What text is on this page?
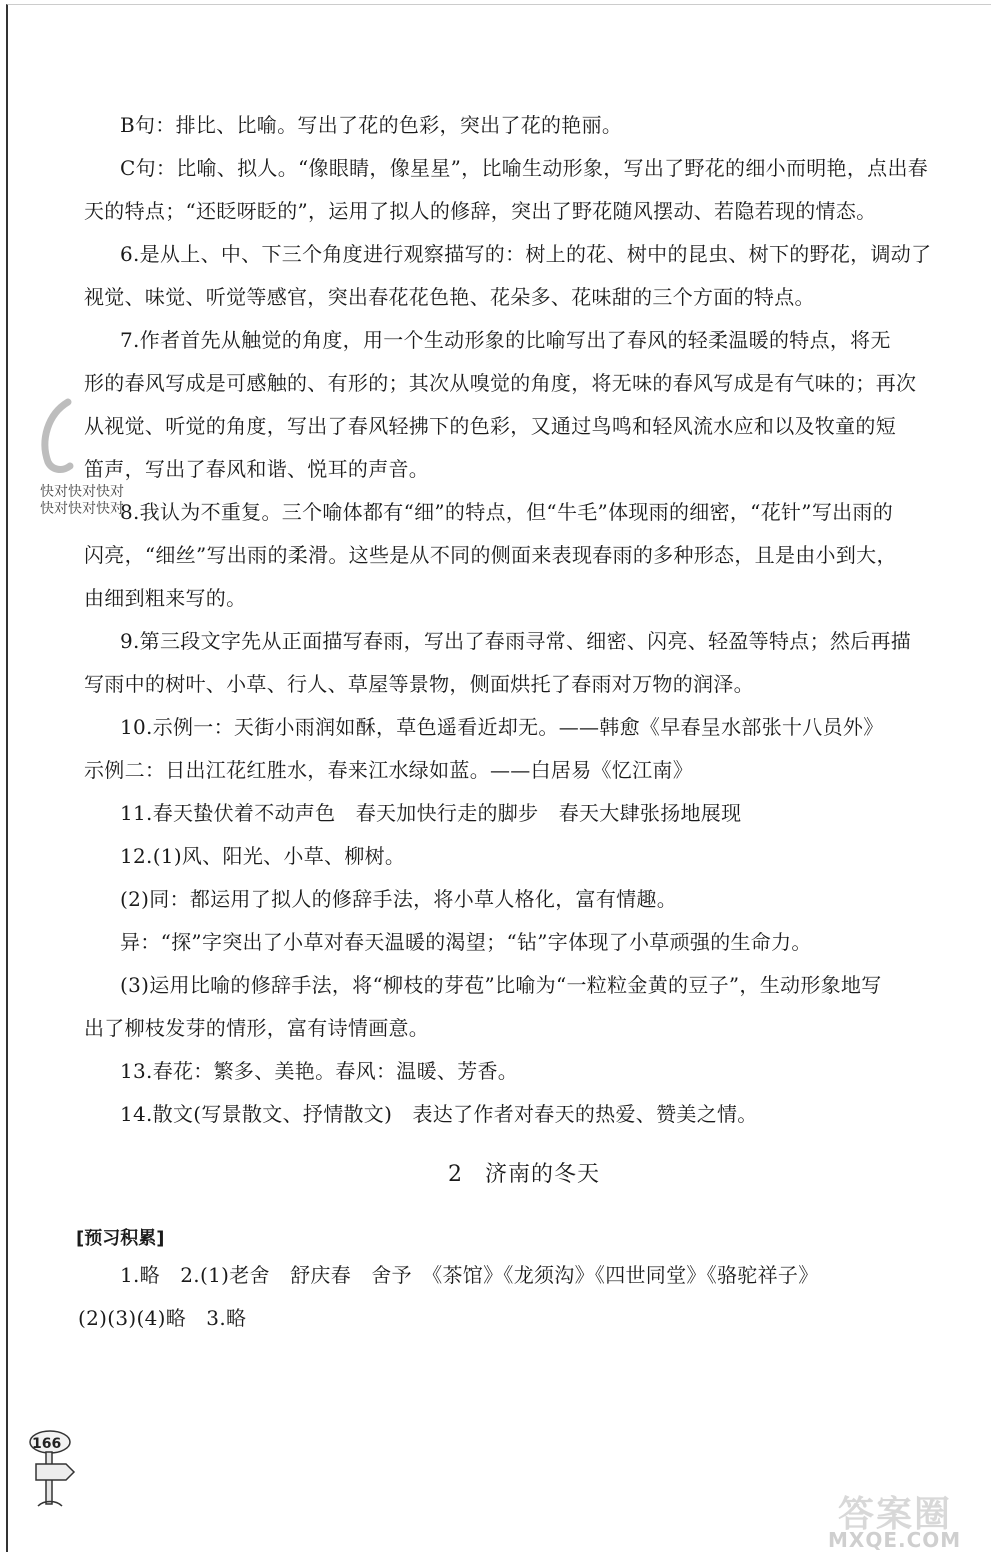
B句：排比、比喻。写出了花的色彩，突出了花的艳丽。

C句：比喻、拟人。“像眼睛，像星星”，比喻生动形象，写出了野花的细小而明艳，点出春

天的特点；“还眨呀眨的”，运用了拟人的修辞，突出了野花随风摆动、若隐若现的情态。

6.是从上、中、下三个角度进行观察描写的：树上的花、树中的昆虫、树下的野花，调动了

视觉、味觉、听觉等感官，突出春花花色艳、花朵多、花味甜的三个方面的特点。

7.作者首先从触觉的角度，用一个生动形象的比喻写出了春风的轻柔温暖的特点，将无

形的春风写成是可感触的、有形的；其次从嗅觉的角度，将无味的春风写成是有气味的；再次

从视觉、听觉的角度，写出了春风轻拂下的色彩，又通过鸟鸣和轻风流水应和以及牧童的短

笛声，写出了春风和谐、悦耳的声音。

8.我认为不重复。三个喻体都有“细”的特点，但“牛毛”体现雨的细密，“花针”写出雨的

闪亮，“细丝”写出雨的柔滑。这些是从不同的侧面来表现春雨的多种形态，且是由小到大，

由细到粗来写的。

9.第三段文字先从正面描写春雨，写出了春雨寻常、细密、闪亮、轻盈等特点；然后再描

写雨中的树叶、小草、行人、草屋等景物，侧面烘托了春雨对万物的润泽。

10.示例一：天街小雨润如酥，草色遥看近却无。——韩愈《早春呈水部张十八员外》

示例二：日出江花红胜水，春来江水绿如蓝。——白居易《忆江南》

11.春天蛰伏着不动声色　春天加快行走的脚步　春天大肆张扬地展现

12.(1)风、阳光、小草、柳树。

(2)同：都运用了拟人的修辞手法，将小草人格化，富有情趣。

异：“探”字突出了小草对春天温暖的渴望；“钻”字体现了小草顽强的生命力。

(3)运用比喻的修辞手法，将“柳枝的芽苞”比喻为“一粒粒金黄的豆子”，生动形象地写

出了柳枝发芽的情形，富有诗情画意。

13.春花：繁多、美艳。春风：温暖、芳香。

14.散文(写景散文、抒情散文)　表达了作者对春天的热爱、赞美之情。

2 济南的冬天

[预习积累]

1.略　2.(1)老舍　舒庆春　舍予　《茶馆》《龙须沟》《四世同堂》《骆驼祥子》

(2)(3)(4)略　3.略

快对快对快对
快对快对快对
166
答案圈
MXQE.COM
